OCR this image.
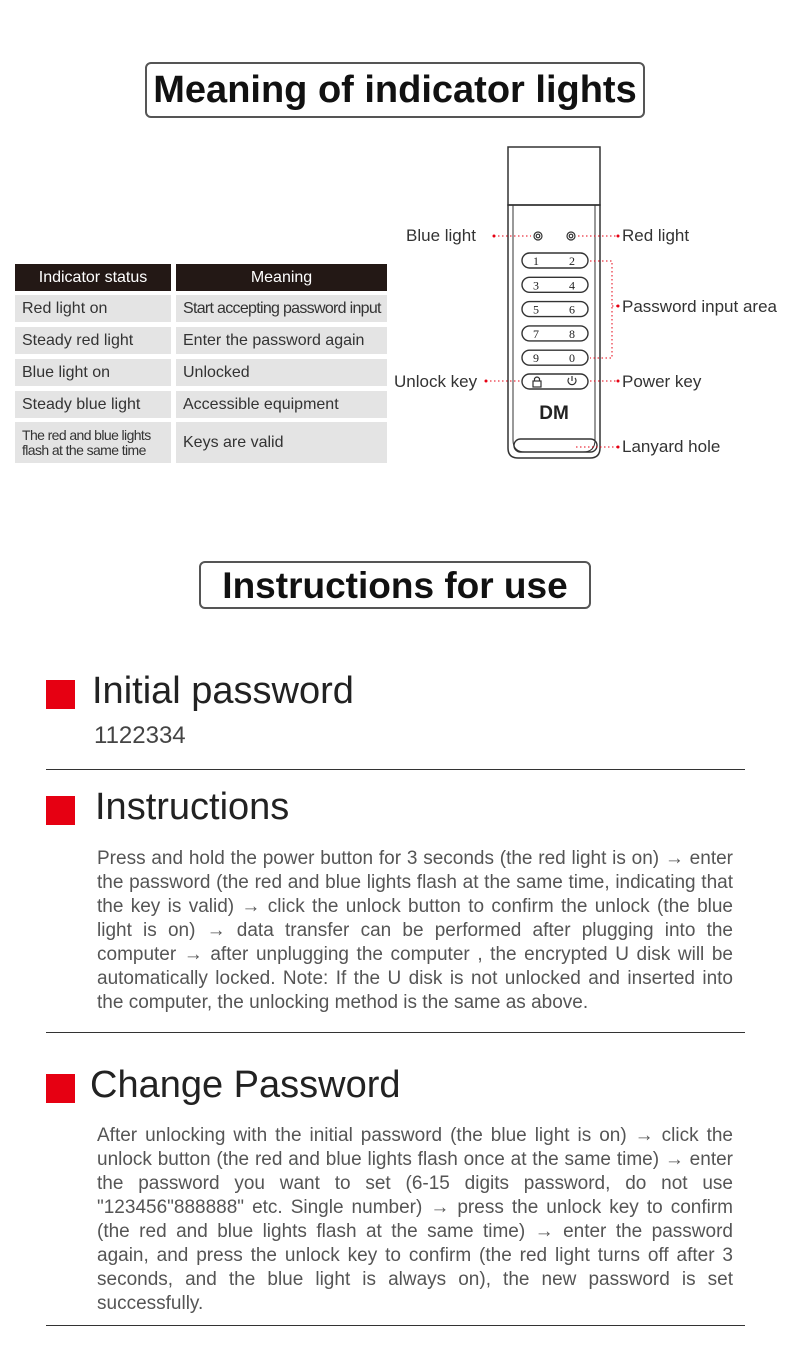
Meaning of indicator lights
Indicator status	Meaning
Red light on	Start accepting password input
Steady red light	Enter the password again
Blue light on	Unlocked
Steady blue light	Accessible equipment
The red and blue lights flash at the same time	Keys are valid
1	2
3	4
5	6
7	8
9	0
DM
Blue light	Red light
Password input area
Unlock key	Power key
Lanyard hole
Instructions for use
Initial password
1122334
Instructions

Press and hold the power button for 3 seconds (the red light is on) → enter the password (the red and blue lights flash at the same time, indicating that the key is valid) → click the unlock button to confirm the unlock (the blue light is on) → data transfer can be performed after plugging into the computer → after unplugging the computer , the encrypted U disk will be automatically locked. Note: If the U disk is not unlocked and inserted into the computer, the unlocking method is the same as above.

Change Password

After unlocking with the initial password (the blue light is on) → click the unlock button (the red and blue lights flash once at the same time) → enter the password you want to set (6-15 digits password, do not use "123456"888888" etc. Single number) → press the unlock key to confirm (the red and blue lights flash at the same time) → enter the password again, and press the unlock key to confirm (the red light turns off after 3 seconds, and the blue light is always on), the new password is set successfully.
